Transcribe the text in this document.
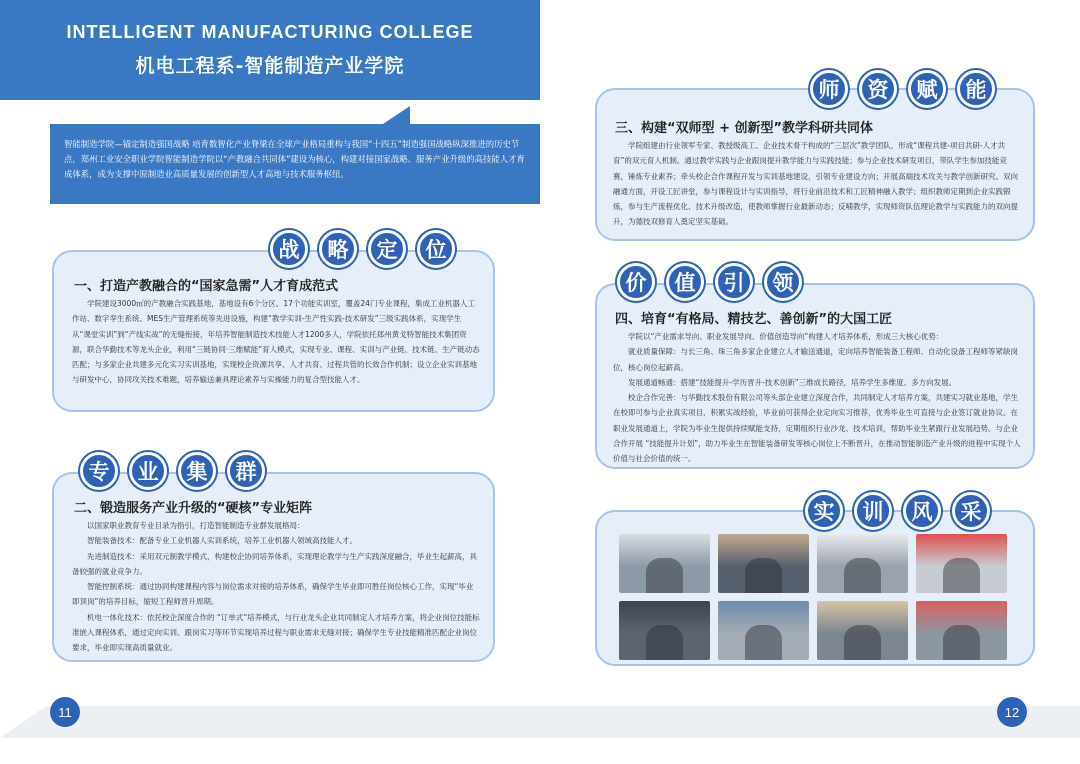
INTELLIGENT MANUFACTURING COLLEGE
机电工程系-智能制造产业学院
智能制造学院—锚定制造强国战略 培育数智化产业脊梁在全球产业格局重构与我国“十四五”制造强国战略纵深推进的历史节点，郑州工业安全职业学院智能制造学院以“产教融合共同体”建设为核心，构建对接国家战略、服务产业升级的高技能人才育成体系，成为支撑中原制造业高质量发展的创新型人才高地与技术服务枢纽。
一、打造产教融合的“国家急需”人才育成范式

学院建设3000㎡的产教融合实践基地，基地设有6个分区、17个功能实训室，覆盖24门专业课程，集成工业机器人工作站、数字孪生系统、MES生产管理系统等先进设施，构建“教学实训-生产性实践-技术研发”三级实践体系，实现学生从“课堂实训”到“产线实战”的无缝衔接，年培养智能制造技术技能人才1200多人，学院依托郑州黄戈特智能技术集团资源，联合华勤技术等龙头企业，利用“三链协同·三维赋能”育人模式，实现专业、课程、实训与产业链、技术链、生产链动态匹配；与多家企业共建多元化实习实训基地，实现校企资源共享、人才共育、过程共管的长效合作机制；设立企业实训基地与研发中心，协同攻关技术难题，培养输送兼具理论素养与实操能力的复合型技能人才。

战	略	定	位
二、锻造服务产业升级的“硬核”专业矩阵

以国家职业教育专业目录为指引，打造智能制造专业群发展格局：

智能装备技术：配备专业工业机器人实训系统，培养工业机器人领域高技能人才。

先进制造技术：采用双元制教学模式，构建校企协同培养体系，实现理论教学与生产实践深度融合，毕业生起薪高，具备较强的就业竞争力。

智能控制系统：通过协同构建课程内容与岗位需求对接的培养体系，确保学生毕业即可胜任岗位核心工作，实现“毕业即顶岗”的培养目标，缩短工程师晋升周期。

机电一体化技术：依托校企深度合作的 “订单式”培养模式，与行业龙头企业共同制定人才培养方案，将企业岗位技能标准嵌入课程体系，通过定向实训、跟岗实习等环节实现培养过程与职业需求无缝对接；确保学生专业技能精准匹配企业岗位要求，毕业即实现高质量就业。

专	业	集	群
三、构建“双师型 + 创新型”教学科研共同体

学院组建由行业领军专家、教授级高工、企业技术骨干构成的“三层次”教学团队，形成“课程共建-项目共研-人才共育”的双元育人机制。通过教学实践与企业跟岗提升教学能力与实践技能；参与企业技术研发项目，带队学生参加技能竞赛，锤炼专业素养；牵头校企合作课程开发与实训基地建设，引领专业建设方向；开展高端技术攻关与教学创新研究。双向融通方面，开设工匠讲堂，参与课程设计与实训指导，将行业前沿技术和工匠精神融入教学；组织教师定期到企业实践锻炼，参与生产流程优化、技术升级改造，使教师掌握行业最新动态；反哺教学，实现师资队伍理论教学与实践能力的双向提升，为德技双修育人奠定坚实基础。

师	资	赋	能
四、培育“有格局、精技艺、善创新”的大国工匠

学院以“产业需求导向、职业发展导向、价值创造导向”构建人才培养体系，形成三大核心优势：

就业质量保障：与长三角、珠三角多家企业建立人才输送通道，定向培养智能装备工程师、自动化设备工程师等紧缺岗位，核心岗位起薪高。

发展通道畅通：搭建“技能提升-学历晋升-技术创新”三维成长路径，培养学生多维度、多方向发展。

校企合作完善：与华勤技术股份有限公司等头部企业建立深度合作，共同制定人才培养方案，共建实习就业基地，学生在校即可参与企业真实项目，积累实战经验，毕业前可获得企业定向实习推荐，优秀毕业生可直接与企业签订就业协议。在职业发展通道上，学院为毕业生提供持续赋能支持，定期组织行业沙龙、技术培训，帮助毕业生紧跟行业发展趋势。与企业合作开展 “技能提升计划”，助力毕业生在智能装备研发等核心岗位上不断晋升，在推动智能制造产业升级的进程中实现个人价值与社会价值的统一。

价	值	引	领
实	训	风	采
11	12
